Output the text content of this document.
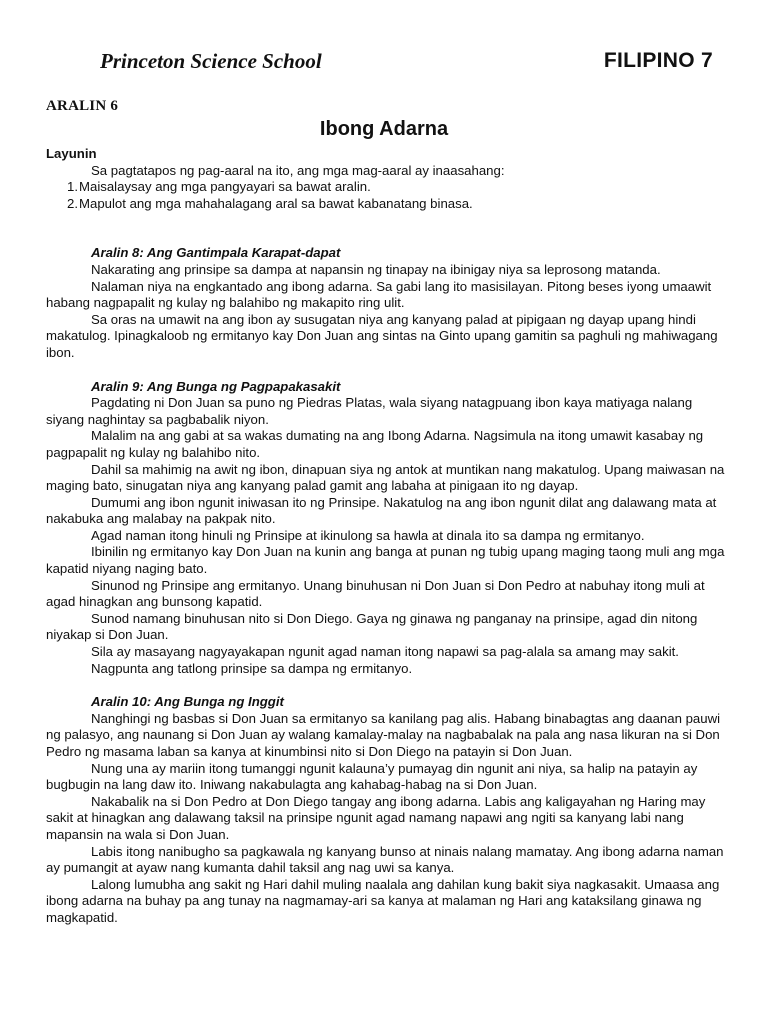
Princeton Science School	FILIPINO 7
ARALIN 6
Ibong Adarna

Layunin

Sa pagtatapos ng pag-aaral na ito, ang mga mag-aaral ay inaasahang:

1. Maisalaysay ang mga pangyayari sa bawat aralin.
2. Mapulot ang mga mahahalagang aral sa bawat kabanatang binasa.

Aralin 8: Ang Gantimpala Karapat-dapat

Nakarating ang prinsipe sa dampa at napansin ng tinapay na ibinigay niya sa leprosong matanda.

Nalaman niya na engkantado ang ibong adarna. Sa gabi lang ito masisilayan. Pitong beses iyong umaawit habang nagpapalit ng kulay ng balahibo ng makapito ring ulit.

Sa oras na umawit na ang ibon ay susugatan niya ang kanyang palad at pipigaan ng dayap upang hindi makatulog. Ipinagkaloob ng ermitanyo kay Don Juan ang sintas na Ginto upang gamitin sa paghuli ng mahiwagang ibon.

Aralin 9: Ang Bunga ng Pagpapakasakit

Pagdating ni Don Juan sa puno ng Piedras Platas, wala siyang natagpuang ibon kaya matiyaga nalang siyang naghintay sa pagbabalik niyon.

Malalim na ang gabi at sa wakas dumating na ang Ibong Adarna. Nagsimula na itong umawit kasabay ng pagpapalit ng kulay ng balahibo nito.

Dahil sa mahimig na awit ng ibon, dinapuan siya ng antok at muntikan nang makatulog. Upang maiwasan na maging bato, sinugatan niya ang kanyang palad gamit ang labaha at pinigaan ito ng dayap.

Dumumi ang ibon ngunit iniwasan ito ng Prinsipe. Nakatulog na ang ibon ngunit dilat ang dalawang mata at nakabuka ang malabay na pakpak nito.

Agad naman itong hinuli ng Prinsipe at ikinulong sa hawla at dinala ito sa dampa ng ermitanyo.

Ibinilin ng ermitanyo kay Don Juan na kunin ang banga at punan ng tubig upang maging taong muli ang mga kapatid niyang naging bato.

Sinunod ng Prinsipe ang ermitanyo. Unang binuhusan ni Don Juan si Don Pedro at nabuhay itong muli at agad hinagkan ang bunsong kapatid.

Sunod namang binuhusan nito si Don Diego. Gaya ng ginawa ng panganay na prinsipe, agad din nitong niyakap si Don Juan.

Sila ay masayang nagyayakapan ngunit agad naman itong napawi sa pag-alala sa amang may sakit.

Nagpunta ang tatlong prinsipe sa dampa ng ermitanyo.

Aralin 10: Ang Bunga ng Inggit

Nanghingi ng basbas si Don Juan sa ermitanyo sa kanilang pag alis. Habang binabagtas ang daanan pauwi ng palasyo, ang naunang si Don Juan ay walang kamalay-malay na nagbabalak na pala ang nasa likuran na si Don Pedro ng masama laban sa kanya at kinumbinsi nito si Don Diego na patayin si Don Juan.

Nung una ay mariin itong tumanggi ngunit kalauna’y pumayag din ngunit ani niya, sa halip na patayin ay bugbugin na lang daw ito. Iniwang nakabulagta ang kahabag-habag na si Don Juan.

Nakabalik na si Don Pedro at Don Diego tangay ang ibong adarna. Labis ang kaligayahan ng Haring may sakit at hinagkan ang dalawang taksil na prinsipe ngunit agad namang napawi ang ngiti sa kanyang labi nang mapansin na wala si Don Juan.

Labis itong nanibugho sa pagkawala ng kanyang bunso at ninais nalang mamatay. Ang ibong adarna naman ay pumangit at ayaw nang kumanta dahil taksil ang nag uwi sa kanya.

Lalong lumubha ang sakit ng Hari dahil muling naalala ang dahilan kung bakit siya nagkasakit. Umaasa ang ibong adarna na buhay pa ang tunay na nagmamay-ari sa kanya at malaman ng Hari ang kataksilang ginawa ng magkapatid.
